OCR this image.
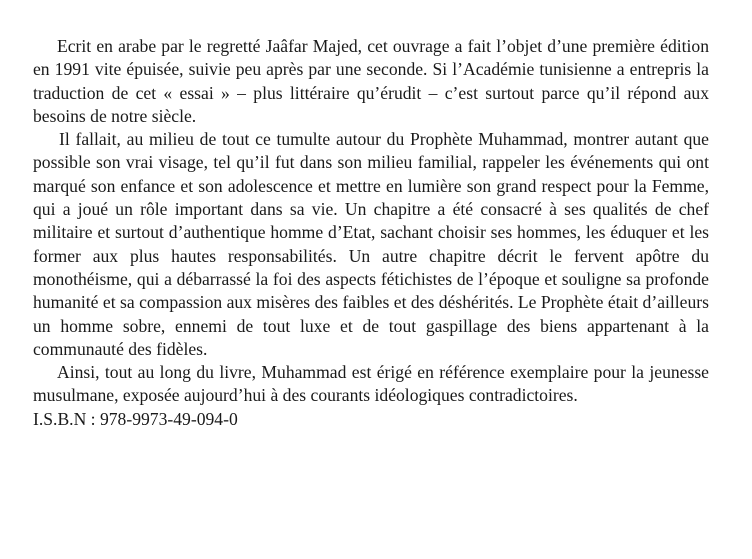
Ecrit en arabe par le regretté Jaâfar Majed, cet ouvrage a fait l’objet d’une première édition en 1991 vite épuisée, suivie peu après par une seconde. Si l’Académie tunisienne a entrepris la traduction de cet « essai » – plus littéraire qu’érudit – c’est surtout parce qu’il répond aux besoins de notre siècle.

Il fallait, au milieu de tout ce tumulte autour du Prophète Muhammad, montrer autant que possible son vrai visage, tel qu’il fut dans son milieu familial, rappeler les événements qui ont marqué son enfance et son adolescence et mettre en lumière son grand respect pour la Femme, qui a joué un rôle important dans sa vie. Un chapitre a été consacré à ses qualités de chef militaire et surtout d’authentique homme d’Etat, sachant choisir ses hommes, les éduquer et les former aux plus hautes responsabilités. Un autre chapitre décrit le fervent apôtre du monothéisme, qui a débarrassé la foi des aspects fétichistes de l’époque et souligne sa profonde humanité et sa compassion aux misères des faibles et des déshérités. Le Prophète était d’ailleurs un homme sobre, ennemi de tout luxe et de tout gaspillage des biens appartenant à la communauté des fidèles.

Ainsi, tout au long du livre, Muhammad est érigé en référence exemplaire pour la jeunesse musulmane, exposée aujourd’hui à des courants idéologiques contradictoires.

I.S.B.N : 978-9973-49-094-0
